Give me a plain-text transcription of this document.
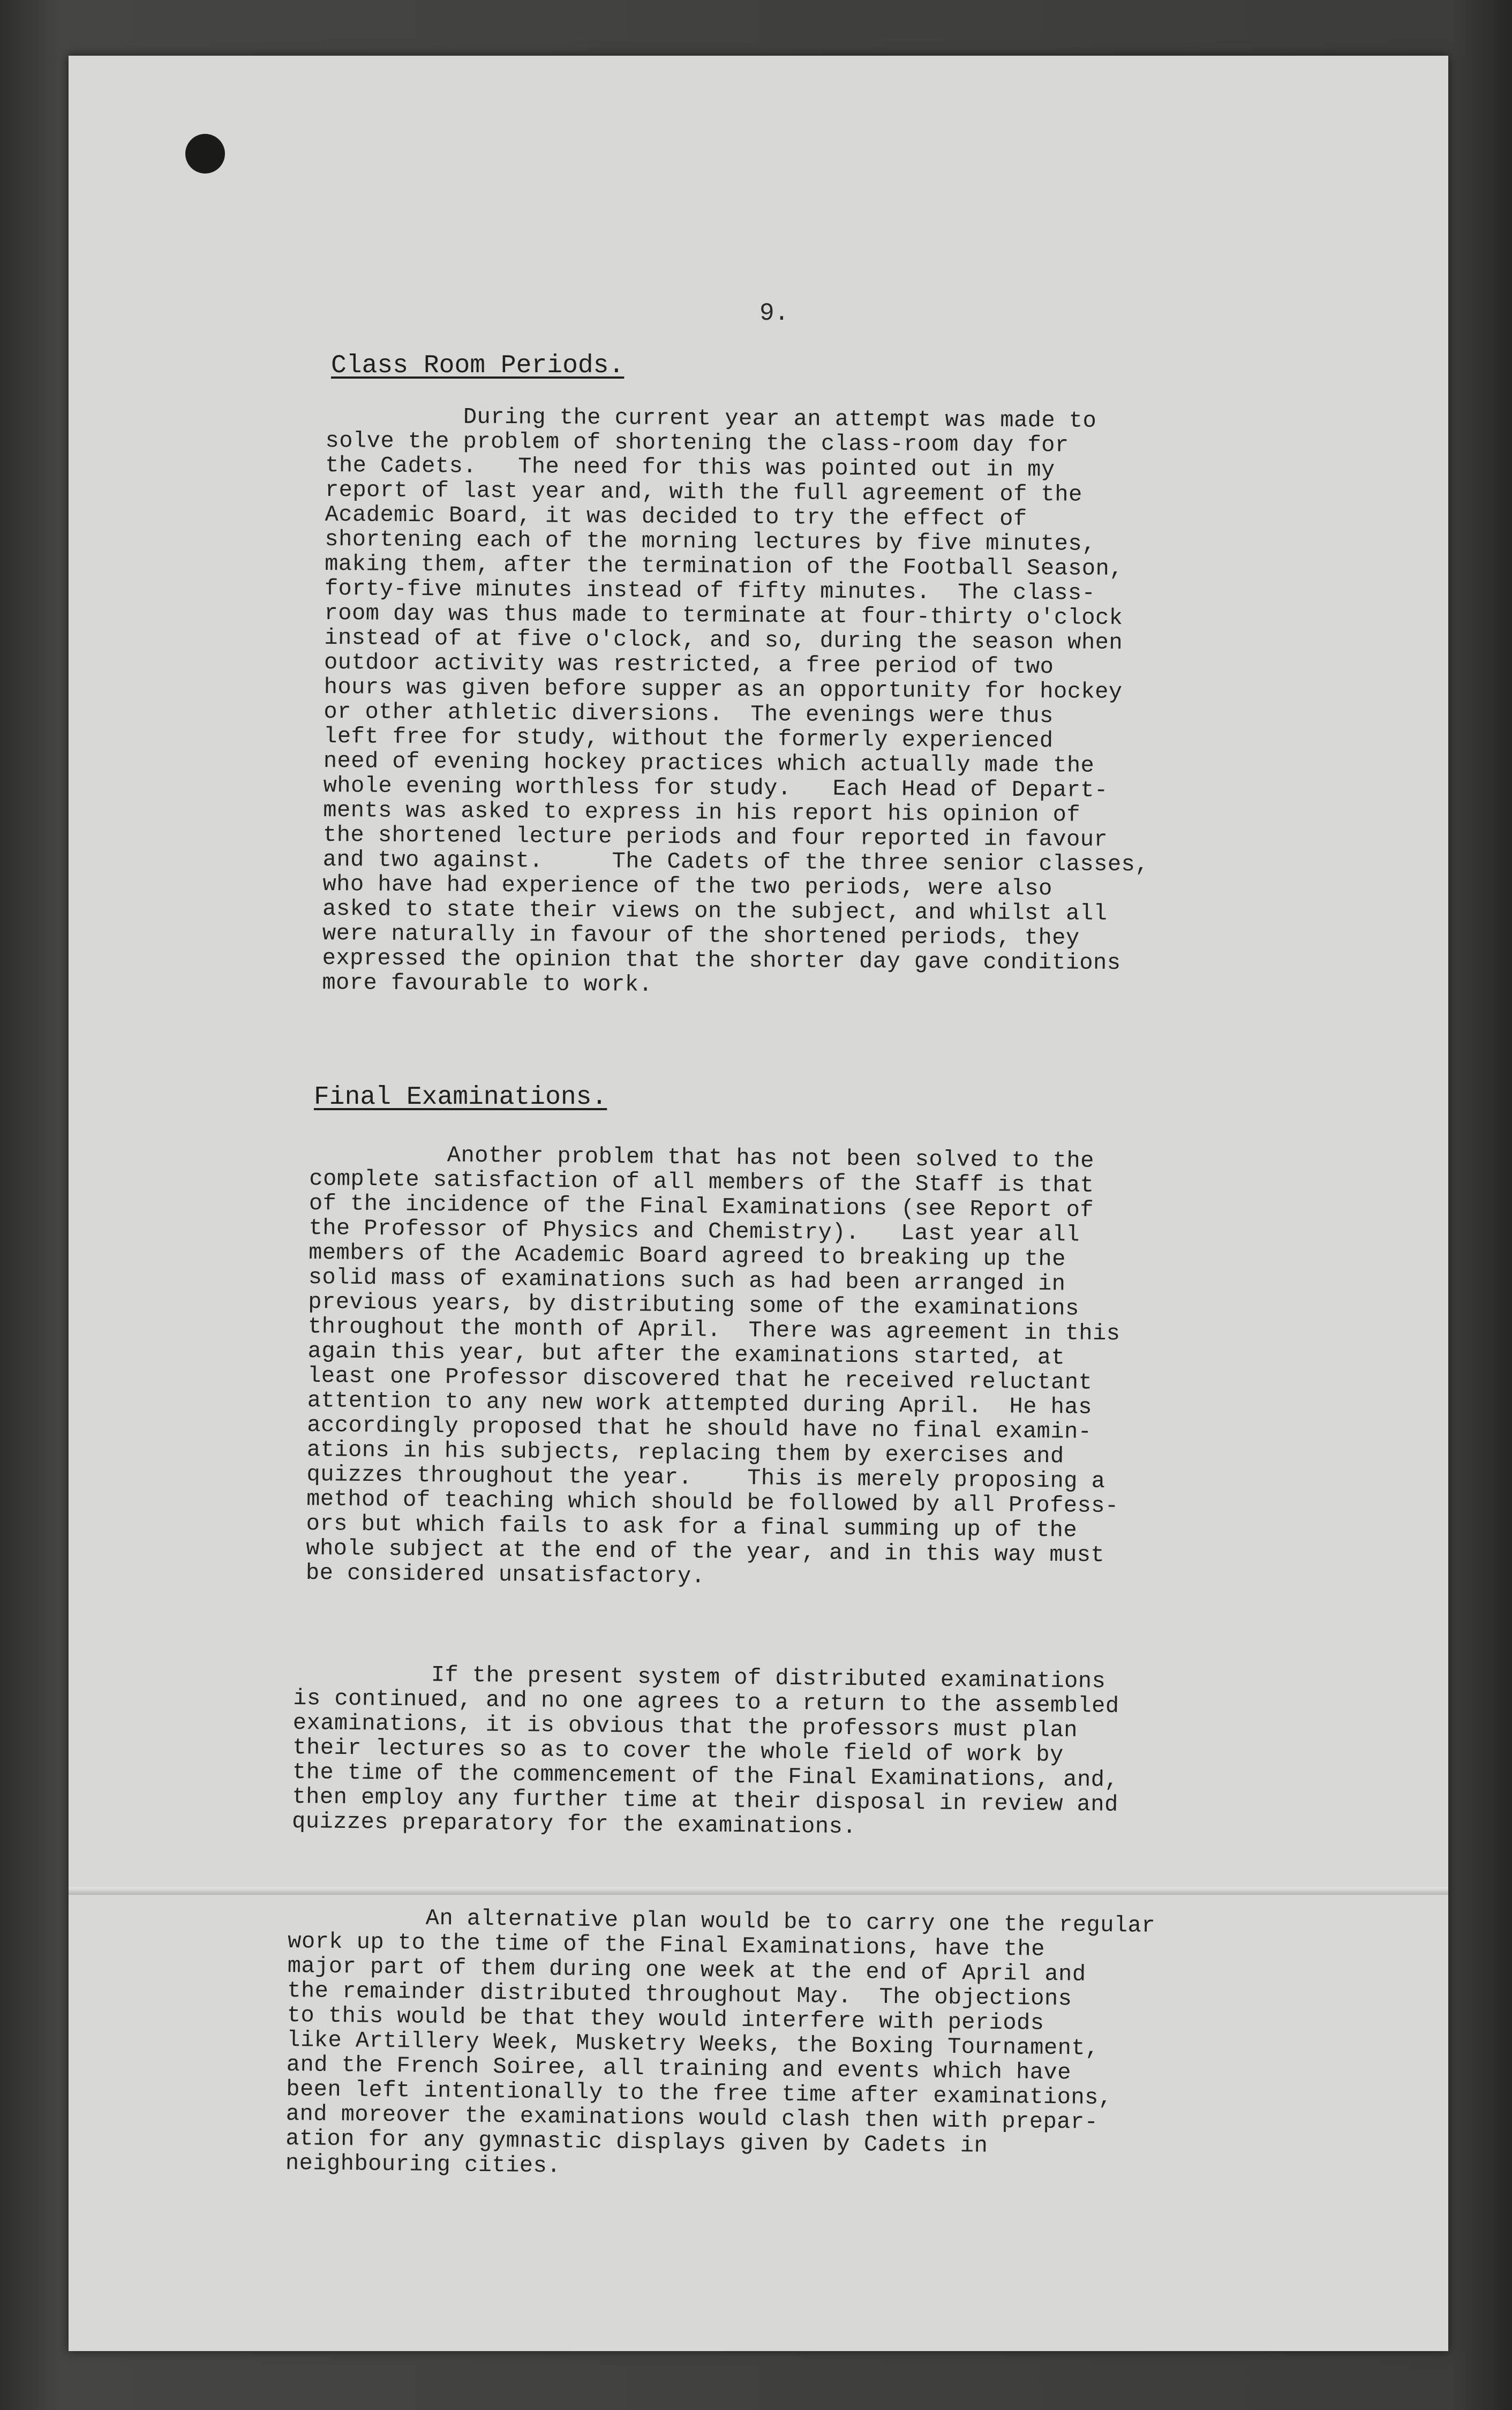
9.
Class Room Periods.
During the current year an attempt was made to
solve the problem of shortening the class-room day for
the Cadets.   The need for this was pointed out in my
report of last year and, with the full agreement of the
Academic Board, it was decided to try the effect of
shortening each of the morning lectures by five minutes,
making them, after the termination of the Football Season,
forty-five minutes instead of fifty minutes.  The class-
room day was thus made to terminate at four-thirty o'clock
instead of at five o'clock, and so, during the season when
outdoor activity was restricted, a free period of two
hours was given before supper as an opportunity for hockey
or other athletic diversions.  The evenings were thus
left free for study, without the formerly experienced
need of evening hockey practices which actually made the
whole evening worthless for study.   Each Head of Depart-
ments was asked to express in his report his opinion of
the shortened lecture periods and four reported in favour
and two against.     The Cadets of the three senior classes,
who have had experience of the two periods, were also
asked to state their views on the subject, and whilst all
were naturally in favour of the shortened periods, they
expressed the opinion that the shorter day gave conditions
more favourable to work.
Final Examinations.
Another problem that has not been solved to the
complete satisfaction of all members of the Staff is that
of the incidence of the Final Examinations (see Report of
the Professor of Physics and Chemistry).   Last year all
members of the Academic Board agreed to breaking up the
solid mass of examinations such as had been arranged in
previous years, by distributing some of the examinations
throughout the month of April.  There was agreement in this
again this year, but after the examinations started, at
least one Professor discovered that he received reluctant
attention to any new work attempted during April.  He has
accordingly proposed that he should have no final examin-
ations in his subjects, replacing them by exercises and
quizzes throughout the year.    This is merely proposing a
method of teaching which should be followed by all Profess-
ors but which fails to ask for a final summing up of the
whole subject at the end of the year, and in this way must
be considered unsatisfactory.
If the present system of distributed examinations
is continued, and no one agrees to a return to the assembled
examinations, it is obvious that the professors must plan
their lectures so as to cover the whole field of work by
the time of the commencement of the Final Examinations, and,
then employ any further time at their disposal in review and
quizzes preparatory for the examinations.
An alternative plan would be to carry one the regular
work up to the time of the Final Examinations, have the
major part of them during one week at the end of April and
the remainder distributed throughout May.  The objections
to this would be that they would interfere with periods
like Artillery Week, Musketry Weeks, the Boxing Tournament,
and the French Soiree, all training and events which have
been left intentionally to the free time after examinations,
and moreover the examinations would clash then with prepar-
ation for any gymnastic displays given by Cadets in
neighbouring cities.
